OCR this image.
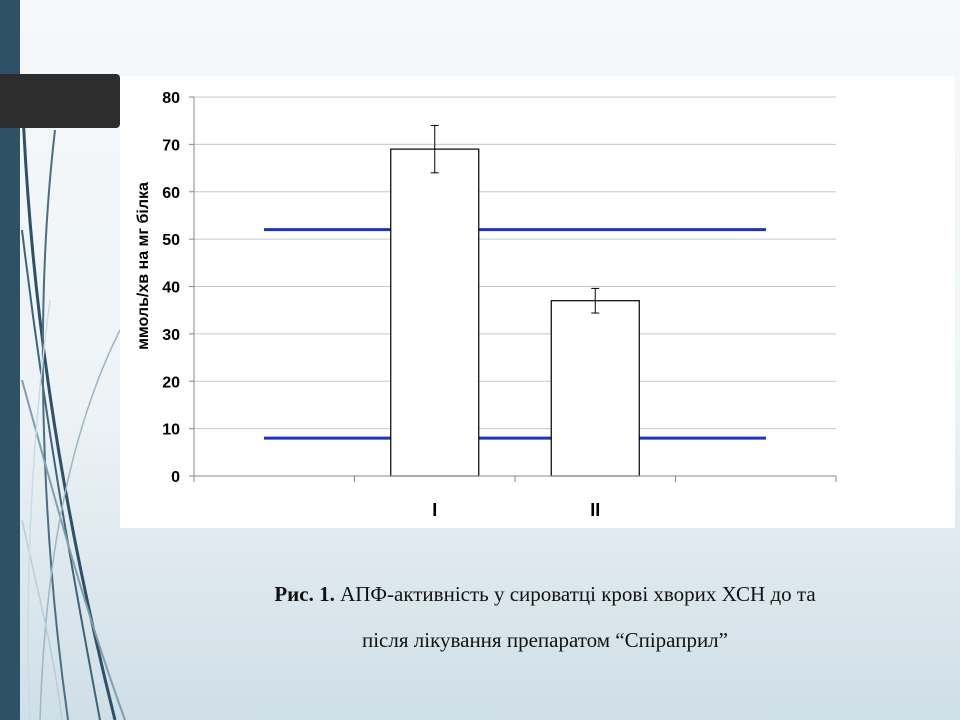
0
10
20
30
40
50
60
70
80
I	II
ммоль/хв на мг білка
Рис. 1. АПФ-активність у сироватці крові хворих ХСН до та
після лікування препаратом “Спіраприл”
